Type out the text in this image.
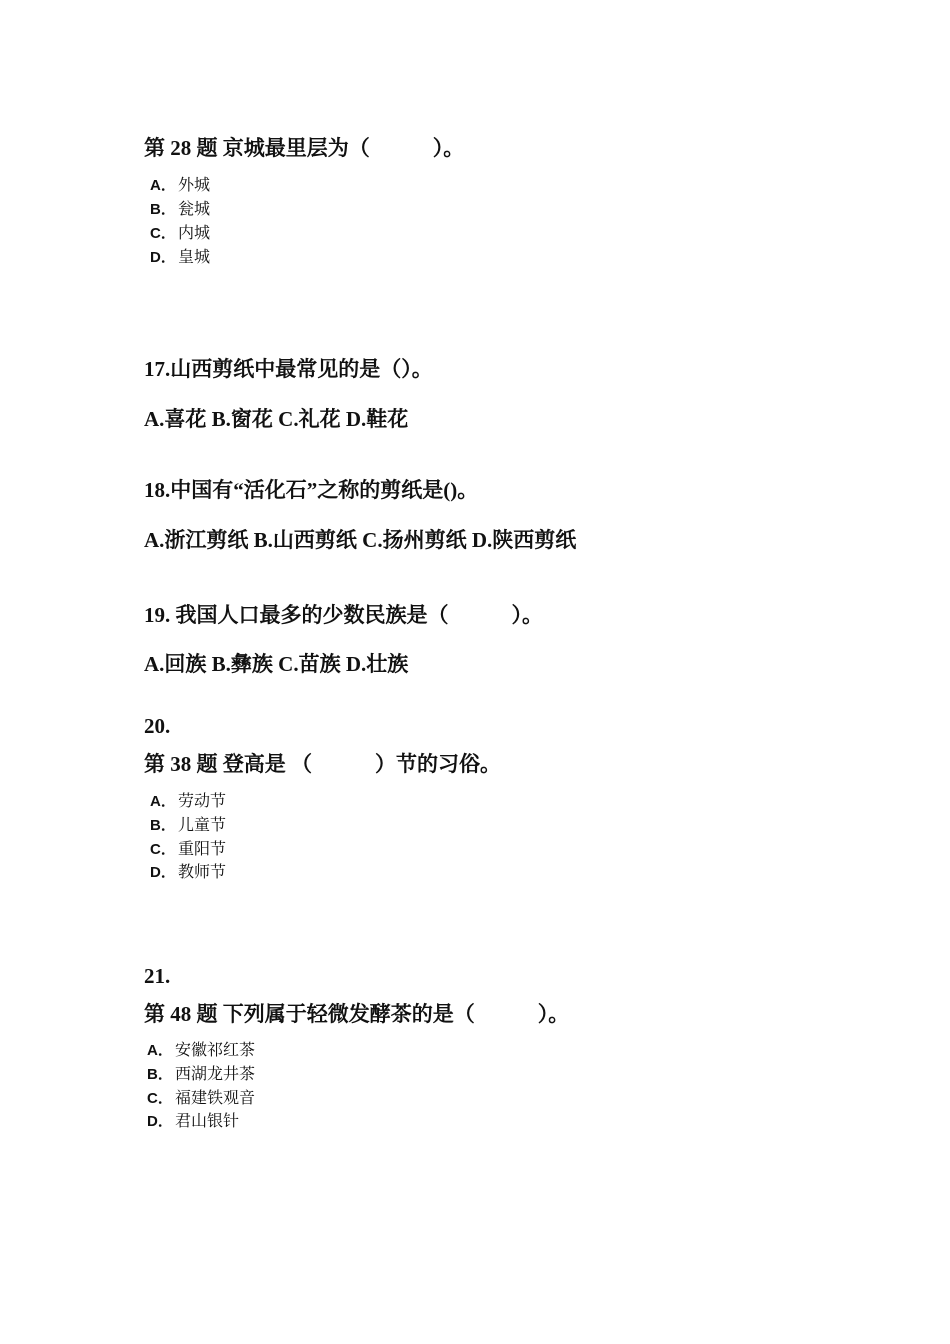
第 28 题 京城最里层为（　　　）。
A． 外城
B． 瓮城
C． 内城
D． 皇城
17.山西剪纸中最常见的是（）。
A.喜花 B.窗花 C.礼花 D.鞋花
18.中国有“活化石”之称的剪纸是()。
A.浙江剪纸 B.山西剪纸 C.扬州剪纸 D.陕西剪纸
19. 我国人口最多的少数民族是（　　　）。
A.回族 B.彝族 C.苗族 D.壮族
20.
第 38 题 登高是 （　　　）节的习俗。
A． 劳动节
B． 儿童节
C． 重阳节
D． 教师节
21.
第 48 题 下列属于轻微发酵茶的是（　　　）。
A． 安徽祁红茶
B． 西湖龙井茶
C． 福建铁观音
D． 君山银针
